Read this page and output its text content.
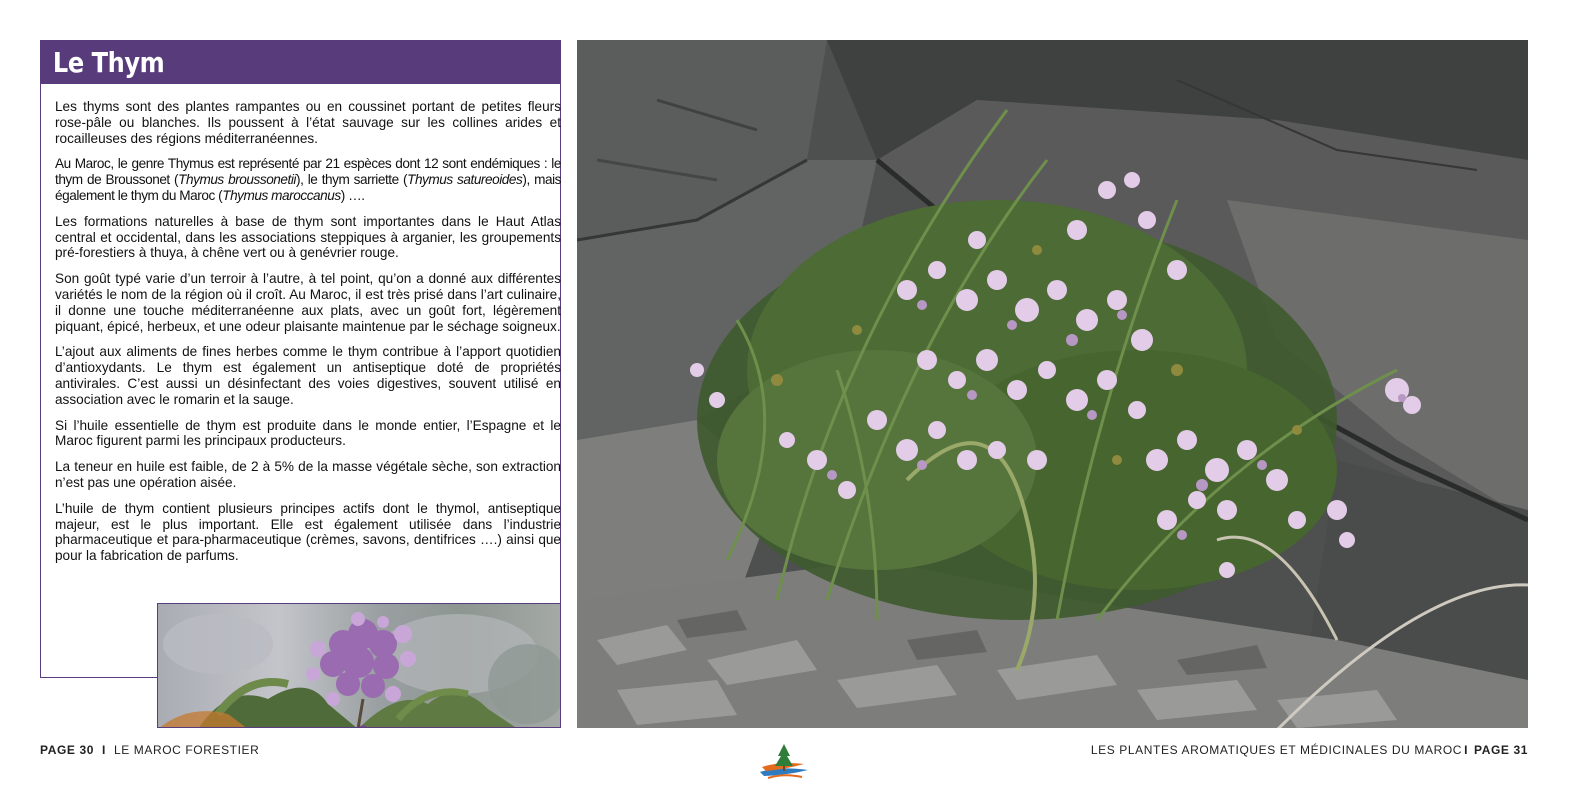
Le Thym

Les thyms sont des plantes rampantes ou en coussinet portant de petites fleurs rose-pâle ou blanches. Ils poussent à l’état sauvage sur les collines arides et rocailleuses des régions méditerranéennes.

Au Maroc, le genre Thymus est représenté par 21 espèces dont 12 sont endémiques : le thym de Broussonet (Thymus broussonetii), le thym sarriette (Thymus satureoides), mais également le thym du Maroc (Thymus maroccanus) ….

Les formations naturelles à base de thym sont importantes dans le Haut Atlas central et occidental, dans les associations steppiques à arganier, les groupements pré-forestiers à thuya, à chêne vert ou à genévrier rouge.

Son goût typé varie d’un terroir à l’autre, à tel point, qu’on a donné aux différentes variétés le nom de la région où il croît. Au Maroc, il est très prisé dans l’art culinaire, il donne une touche méditerranéenne aux plats, avec un goût fort, légèrement piquant, épicé, herbeux, et une odeur plaisante maintenue par le séchage soigneux.

L’ajout aux aliments de fines herbes comme le thym contribue à l’apport quotidien d’antioxydants. Le thym est également un antiseptique doté de propriétés antivirales. C’est aussi un désinfectant des voies digestives, souvent utilisé en association avec le romarin et la sauge.

Si l’huile essentielle de thym est produite dans le monde entier, l’Espagne et le Maroc figurent parmi les principaux producteurs.

La teneur en huile est faible, de 2 à 5% de la masse végétale sèche, son extraction n’est pas une opération aisée.

L’huile de thym contient plusieurs principes actifs dont le thymol, antiseptique majeur, est le plus important. Elle est également utilisée dans l’industrie pharmaceutique et para-pharmaceutique (crèmes, savons, dentifrices ….) ainsi que pour la fabrication de parfums.

PAGE 30 I LE MAROC FORESTIER	LES PLANTES AROMATIQUES ET MÉDICINALES DU MAROC I PAGE 31
